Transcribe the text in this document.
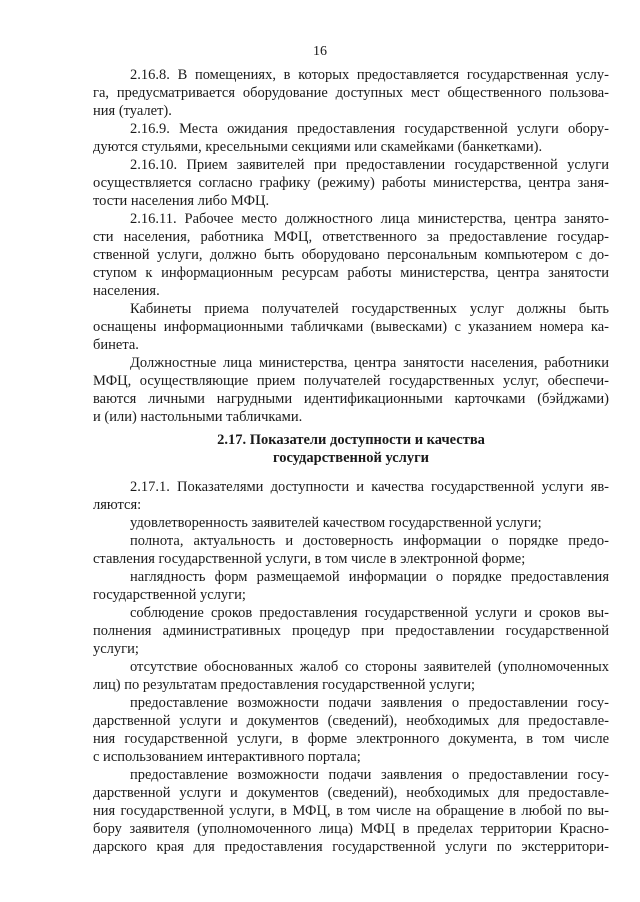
16
2.16.8. В помещениях, в которых предоставляется государственная услу-
га, предусматривается оборудование доступных мест общественного пользова-
ния (туалет).
2.16.9. Места ожидания предоставления государственной услуги обору-
дуются стульями, кресельными секциями или скамейками (банкетками).
2.16.10. Прием заявителей при предоставлении государственной услуги
осуществляется согласно графику (режиму) работы министерства, центра заня-
тости населения либо МФЦ.
2.16.11. Рабочее место должностного лица министерства, центра занято-
сти населения, работника МФЦ, ответственного за предоставление государ-
ственной услуги, должно быть оборудовано персональным компьютером с до-
ступом к информационным ресурсам работы министерства, центра занятости
населения.
Кабинеты приема получателей государственных услуг должны быть
оснащены информационными табличками (вывесками) с указанием номера ка-
бинета.
Должностные лица министерства, центра занятости населения, работники
МФЦ, осуществляющие прием получателей государственных услуг, обеспечи-
ваются личными нагрудными идентификационными карточками (бэйджами)
и (или) настольными табличками.
2.17. Показатели доступности и качества
государственной услуги
2.17.1. Показателями доступности и качества государственной услуги яв-
ляются:
удовлетворенность заявителей качеством государственной услуги;
полнота, актуальность и достоверность информации о порядке предо-
ставления государственной услуги, в том числе в электронной форме;
наглядность форм размещаемой информации о порядке предоставления
государственной услуги;
соблюдение сроков предоставления государственной услуги и сроков вы-
полнения административных процедур при предоставлении государственной
услуги;
отсутствие обоснованных жалоб со стороны заявителей (уполномоченных
лиц) по результатам предоставления государственной услуги;
предоставление возможности подачи заявления о предоставлении госу-
дарственной услуги и документов (сведений), необходимых для предоставле-
ния государственной услуги, в форме электронного документа, в том числе
с использованием интерактивного портала;
предоставление возможности подачи заявления о предоставлении госу-
дарственной услуги и документов (сведений), необходимых для предоставле-
ния государственной услуги, в МФЦ, в том числе на обращение в любой по вы-
бору заявителя (уполномоченного лица) МФЦ в пределах территории Красно-
дарского края для предоставления государственной услуги по экстерритори-
